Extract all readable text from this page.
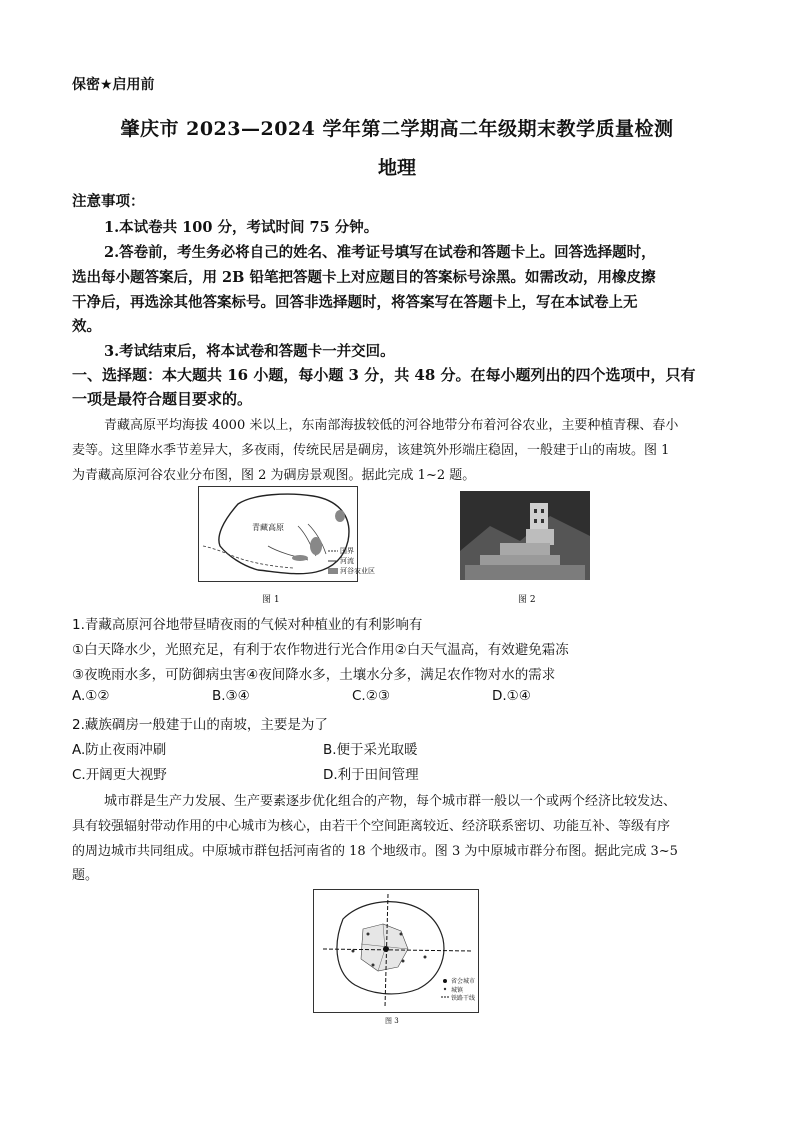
保密★启用前
肇庆市 2023—2024 学年第二学期高二年级期末教学质量检测
地理
注意事项：
1.本试卷共 100 分，考试时间 75 分钟。
2.答卷前，考生务必将自己的姓名、准考证号填写在试卷和答题卡上。回答选择题时，
选出每小题答案后，用 2B 铅笔把答题卡上对应题目的答案标号涂黑。如需改动，用橡皮擦
干净后，再选涂其他答案标号。回答非选择题时，将答案写在答题卡上，写在本试卷上无
效。
3.考试结束后，将本试卷和答题卡一并交回。
一、选择题：本大题共 16 小题，每小题 3 分，共 48 分。在每小题列出的四个选项中，只有
一项是最符合题目要求的。
青藏高原平均海拔 4000 米以上，东南部海拔较低的河谷地带分布着河谷农业，主要种植青稞、春小
麦等。这里降水季节差异大，多夜雨，传统民居是碉房，该建筑外形端庄稳固，一般建于山的南坡。图 1
为青藏高原河谷农业分布图，图 2 为碉房景观图。据此完成 1~2 题。
青藏高原
国界
河流
河谷农业区
图 1	图 2
1.青藏高原河谷地带昼晴夜雨的气候对种植业的有利影响有
①白天降水少，光照充足，有利于农作物进行光合作用②白天气温高，有效避免霜冻
③夜晚雨水多，可防御病虫害④夜间降水多，土壤水分多，满足农作物对水的需求
A.①②	B.③④	C.②③	D.①④
2.藏族碉房一般建于山的南坡，主要是为了
A.防止夜雨冲刷	B.便于采光取暖
C.开阔更大视野	D.利于田间管理
城市群是生产力发展、生产要素逐步优化组合的产物，每个城市群一般以一个或两个经济比较发达、
具有较强辐射带动作用的中心城市为核心，由若干个空间距离较近、经济联系密切、功能互补、等级有序
的周边城市共同组成。中原城市群包括河南省的 18 个地级市。图 3 为中原城市群分布图。据此完成 3~5
题。
省会城市
城镇
铁路干线
图 3
